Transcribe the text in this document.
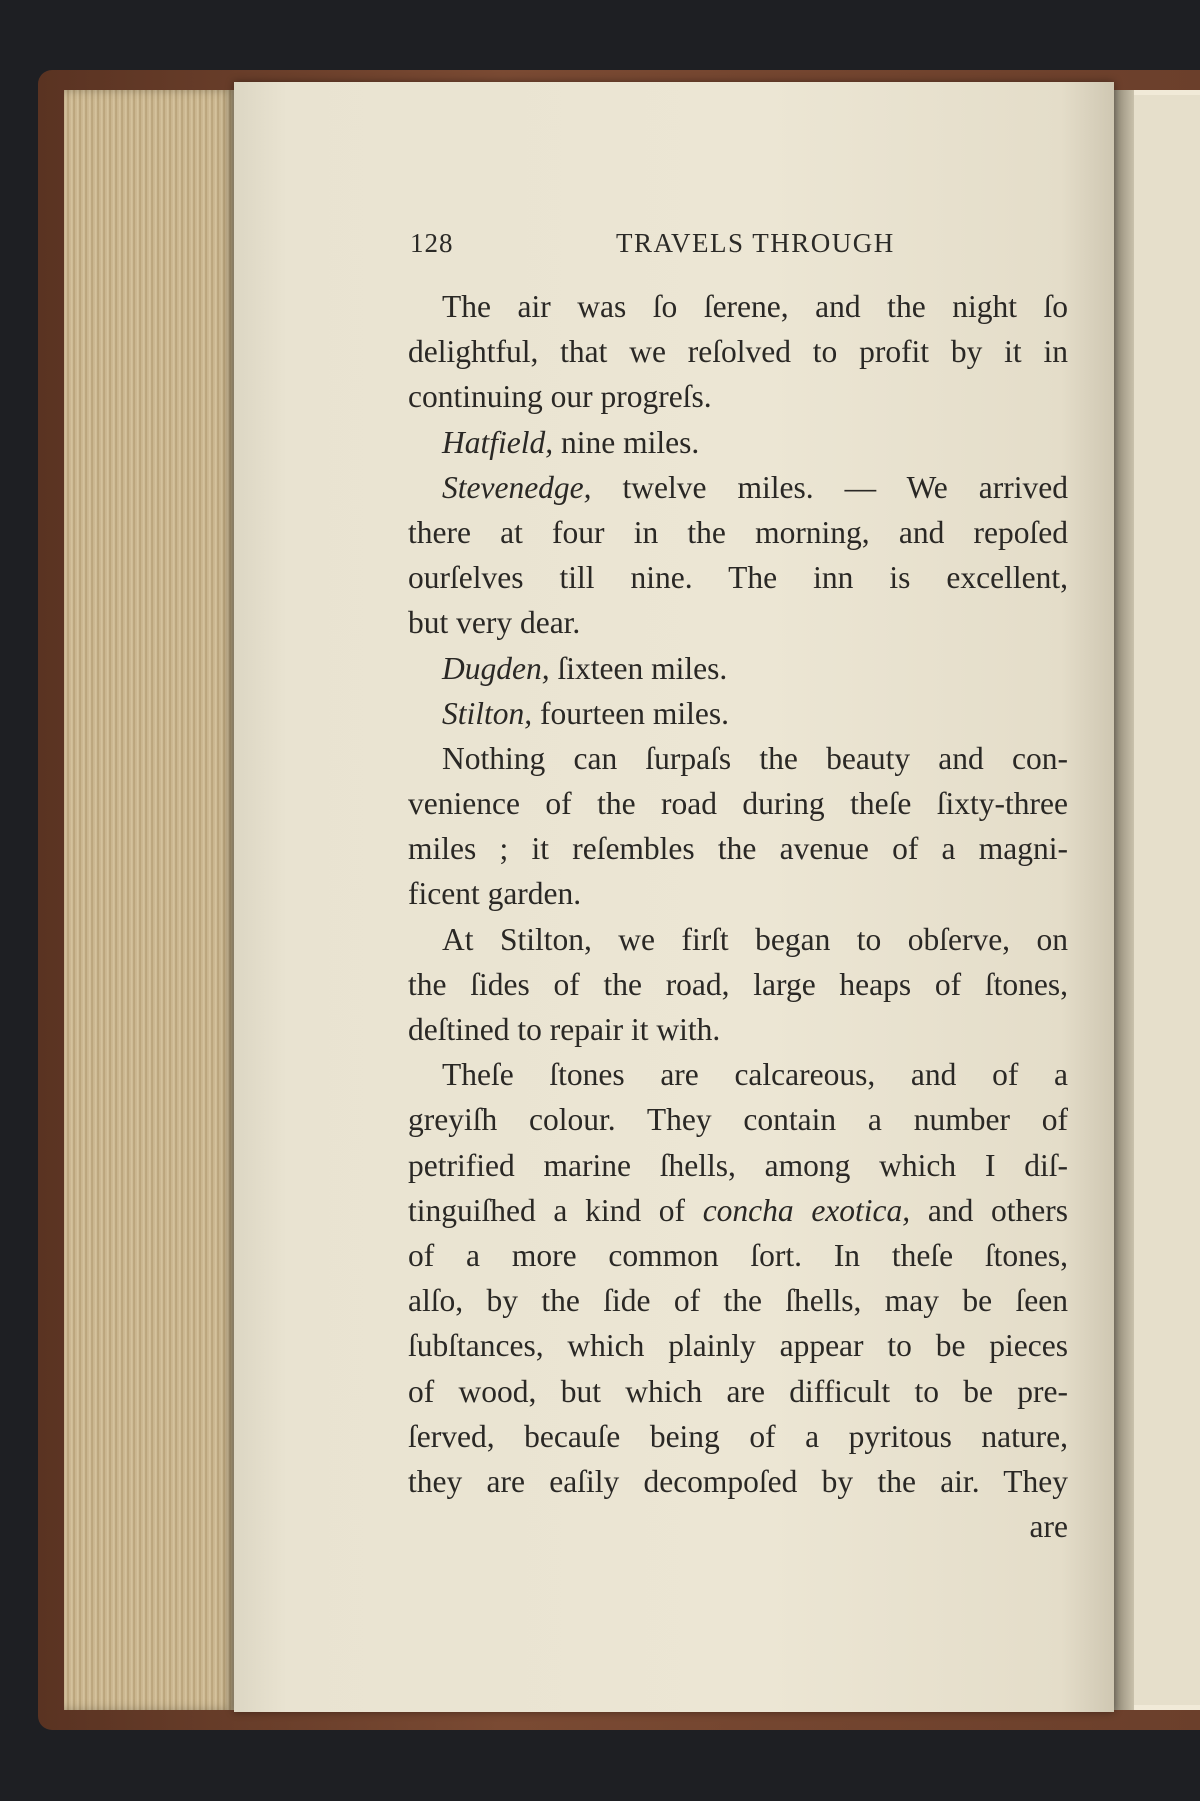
128	TRAVELS THROUGH
The air was ſo ſerene, and the night ſo
delightful, that we reſolved to profit by it in
continuing our progreſs.
Hatfield, nine miles.
Stevenedge, twelve miles. — We arrived
there at four in the morning, and repoſed
ourſelves till nine. The inn is excellent,
but very dear.
Dugden, ſixteen miles.
Stilton, fourteen miles.
Nothing can ſurpaſs the beauty and con-
venience of the road during theſe ſixty-three
miles ; it reſembles the avenue of a magni-
ficent garden.
At Stilton, we firſt began to obſerve, on
the ſides of the road, large heaps of ſtones,
deſtined to repair it with.
Theſe ſtones are calcareous, and of a
greyiſh colour. They contain a number of
petrified marine ſhells, among which I diſ-
tinguiſhed a kind of concha exotica, and others
of a more common ſort. In theſe ſtones,
alſo, by the ſide of the ſhells, may be ſeen
ſubſtances, which plainly appear to be pieces
of wood, but which are difficult to be pre-
ſerved, becauſe being of a pyritous nature,
they are eaſily decompoſed by the air. They
are
